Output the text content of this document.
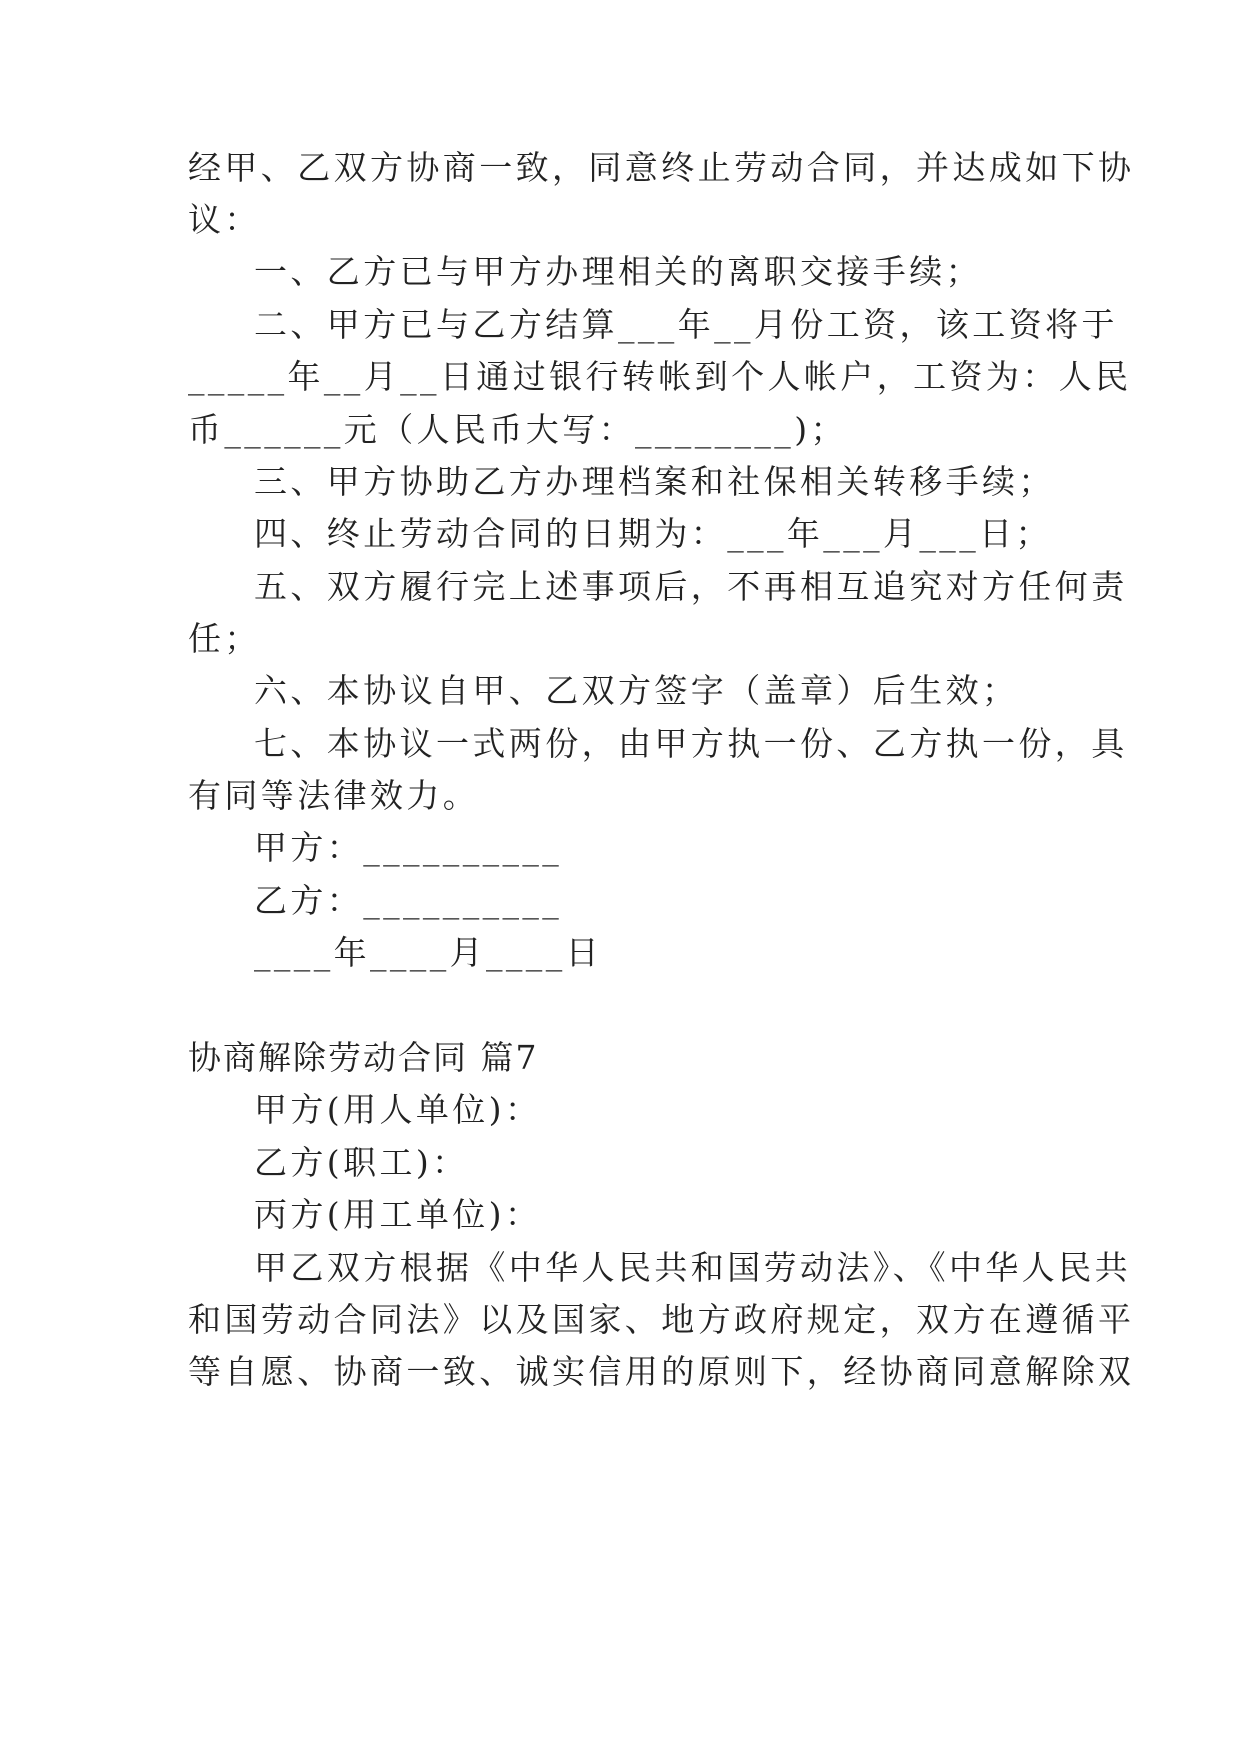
经甲、乙双方协商一致，同意终止劳动合同，并达成如下协
议：
一、乙方已与甲方办理相关的离职交接手续；
二、甲方已与乙方结算___年__月份工资，该工资将于
_____年__月__日通过银行转帐到个人帐户，工资为：人民
币______元（人民币大写：________)；
三、甲方协助乙方办理档案和社保相关转移手续；
四、终止劳动合同的日期为：___年___月___日；
五、双方履行完上述事项后，不再相互追究对方任何责
任；
六、本协议自甲、乙双方签字（盖章）后生效；
七、本协议一式两份，由甲方执一份、乙方执一份，具
有同等法律效力。
甲方：__________
乙方：__________
____年____月____日
协商解除劳动合同 篇7
甲方(用人单位)：
乙方(职工)：
丙方(用工单位)：
甲乙双方根据《中华人民共和国劳动法》、《中华人民共
和国劳动合同法》以及国家、地方政府规定，双方在遵循平
等自愿、协商一致、诚实信用的原则下，经协商同意解除双
